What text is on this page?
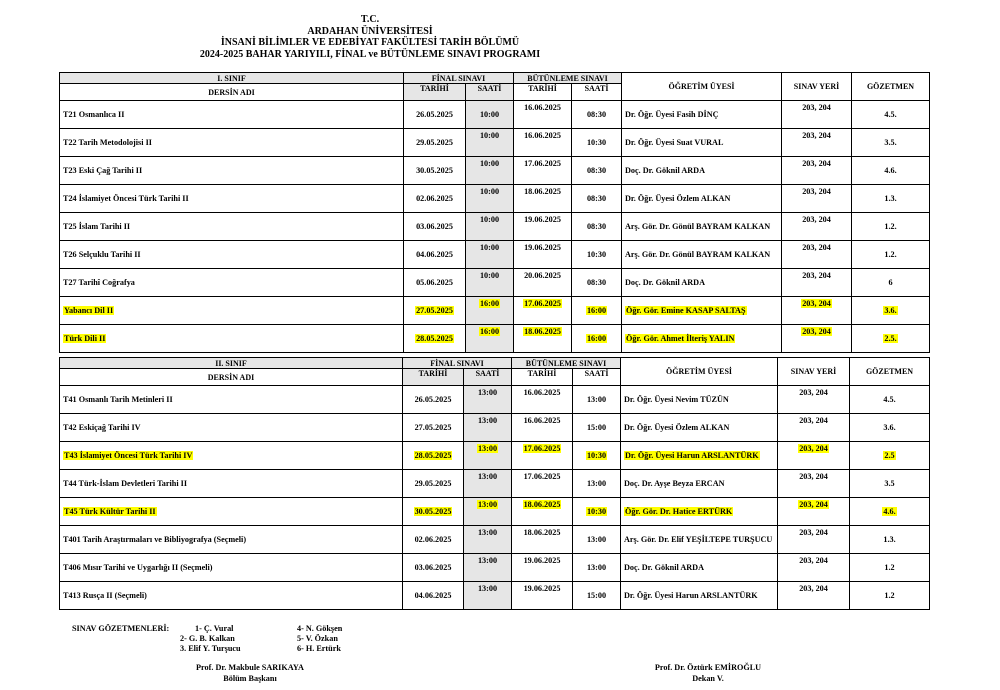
T.C.
ARDAHAN ÜNİVERSİTESİ
İNSANİ BİLİMLER VE EDEBİYAT FAKÜLTESİ TARİH BÖLÜMÜ
2024-2025 BAHAR YARIYILI, FİNAL ve BÜTÜNLEME SINAVI PROGRAMI
I. SINIF	FİNAL SINAVI		BÜTÜNLEME SINAVI		ÖĞRETİM ÜYESİ	SINAV YERİ	GÖZETMEN
DERSİN ADI	TARİHİ	SAATİ	TARİHİ	SAATİ			
T21 Osmanlıca II	26.05.2025	10:00	16.06.2025	08:30	Dr. Öğr. Üyesi Fasih DİNÇ	203, 204	4.5.
T22 Tarih Metodolojisi II	29.05.2025	10:00	16.06.2025	10:30	Dr. Öğr. Üyesi Suat VURAL	203, 204	3.5.
T23 Eski Çağ Tarihi II	30.05.2025	10:00	17.06.2025	08:30	Doç. Dr. Göknil ARDA	203, 204	4.6.
T24 İslamiyet Öncesi Türk Tarihi II	02.06.2025	10:00	18.06.2025	08:30	Dr. Öğr. Üyesi Özlem ALKAN	203, 204	1.3.
T25 İslam Tarihi II	03.06.2025	10:00	19.06.2025	08:30	Arş. Gör. Dr. Gönül BAYRAM KALKAN	203, 204	1.2.
T26 Selçuklu Tarihi II	04.06.2025	10:00	19.06.2025	10:30	Arş. Gör. Dr. Gönül BAYRAM KALKAN	203, 204	1.2.
T27 Tarihî Coğrafya	05.06.2025	10:00	20.06.2025	08:30	Doç. Dr. Göknil ARDA	203, 204	6
Yabancı Dil II	27.05.2025	16:00	17.06.2025	16:00	Öğr. Gör. Emine KASAP SALTAŞ	203, 204	3.6.
Türk Dili II	28.05.2025	16:00	18.06.2025	16:00	Öğr. Gör. Ahmet İlteriş YALIN	203, 204	2.5.
II. SINIF	FİNAL SINAVI		BÜTÜNLEME SINAVI		ÖĞRETİM ÜYESİ	SINAV YERİ	GÖZETMEN
DERSİN ADI	TARİHİ	SAATİ	TARİHİ	SAATİ			
T41 Osmanlı Tarih Metinleri II	26.05.2025	13:00	16.06.2025	13:00	Dr. Öğr. Üyesi Nevim TÜZÜN	203, 204	4.5.
T42 Eskiçağ Tarihi IV	27.05.2025	13:00	16.06.2025	15:00	Dr. Öğr. Üyesi Özlem ALKAN	203, 204	3.6.
T43 İslamiyet Öncesi Türk Tarihi IV	28.05.2025	13:00	17.06.2025	10:30	Dr. Öğr. Üyesi Harun ARSLANTÜRK	203, 204	2.5
T44 Türk-İslam Devletleri Tarihi II	29.05.2025	13:00	17.06.2025	13:00	Doç. Dr. Ayşe Beyza ERCAN	203, 204	3.5
T45 Türk Kültür Tarihi II	30.05.2025	13:00	18.06.2025	10:30	Öğr. Gör. Dr. Hatice ERTÜRK	203, 204	4.6.
T401 Tarih Araştırmaları ve Bibliyografya (Seçmeli)	02.06.2025	13:00	18.06.2025	13:00	Arş. Gör. Dr. Elif YEŞİLTEPE TURŞUCU	203, 204	1.3.
T406 Mısır Tarihi ve Uygarlığı II (Seçmeli)	03.06.2025	13:00	19.06.2025	13:00	Doç. Dr. Göknil ARDA	203, 204	1.2
T413 Rusça II (Seçmeli)	04.06.2025	13:00	19.06.2025	15:00	Dr. Öğr. Üyesi Harun ARSLANTÜRK	203, 204	1.2
SINAV GÖZETMENLERİ:	1- Ç. Vural
2- G. B. Kalkan
3. Elif Y. Turşucu
4- N. Gökşen
5- V. Özkan
6- H. Ertürk
Prof. Dr. Makbule SARIKAYA
Bölüm Başkanı
Prof. Dr. Öztürk EMİROĞLU
Dekan V.
